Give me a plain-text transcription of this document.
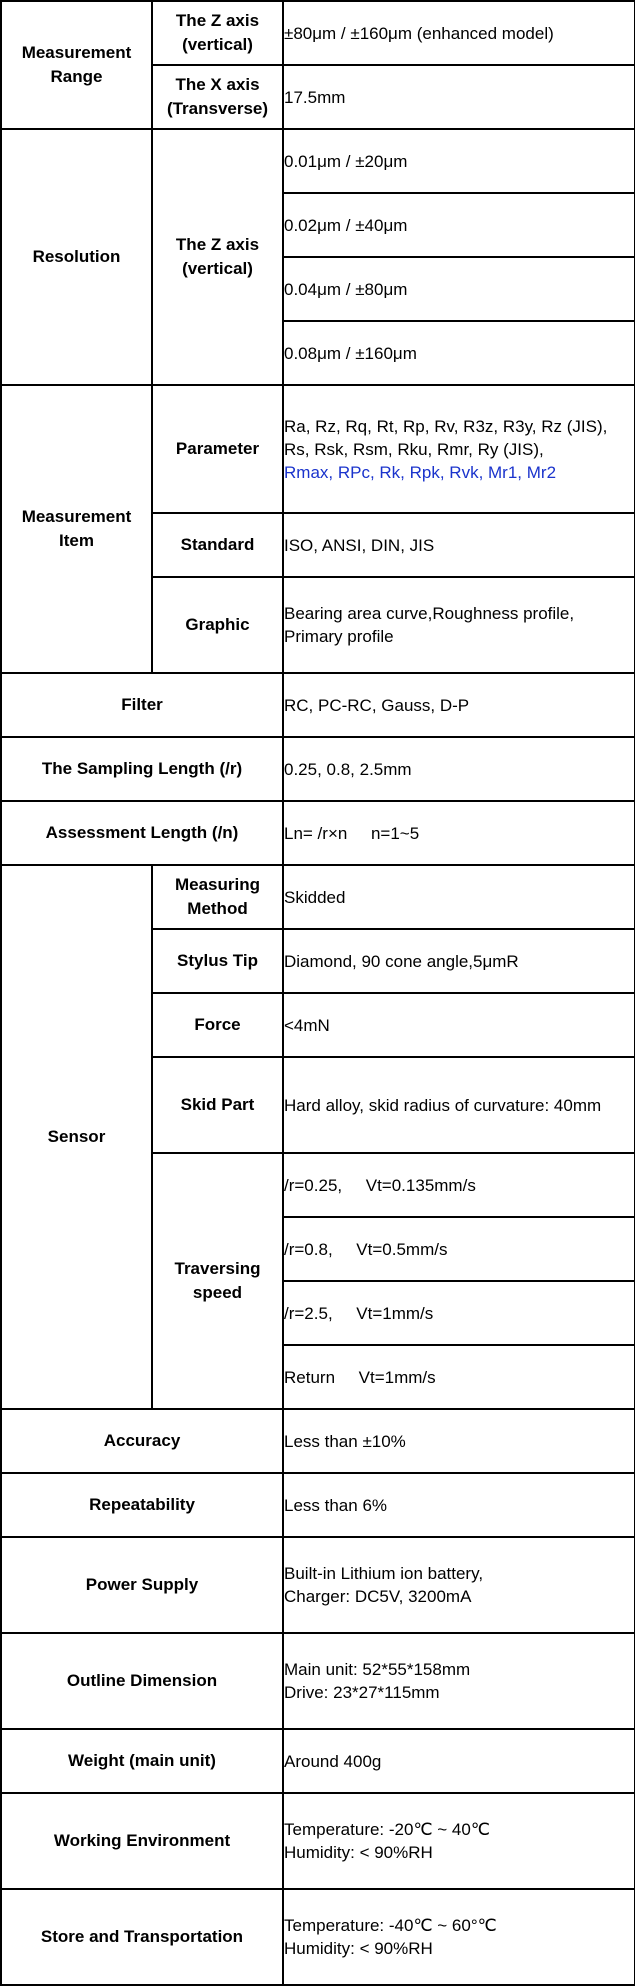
Measurement Range	The Z axis (vertical)	±80μm / ±160μm (enhanced model)
	The X axis (Transverse)	17.5mm
Resolution	The Z axis (vertical)	0.01μm / ±20μm
		0.02μm / ±40μm
		0.04μm / ±80μm
		0.08μm / ±160μm
Measurement Item	Parameter	Ra, Rz, Rq, Rt, Rp, Rv, R3z, R3y, Rz (JIS), Rs, Rsk, Rsm, Rku, Rmr, Ry (JIS),
Rmax, RPc, Rk, Rpk, Rvk, Mr1, Mr2
	Standard	ISO, ANSI, DIN, JIS
	Graphic	Bearing area curve,Roughness profile, Primary profile
Filter		RC, PC-RC, Gauss, D-P
The Sampling Length (/r)		0.25, 0.8, 2.5mm
Assessment Length (/n)		Ln= /r×n     n=1~5
Sensor	Measuring Method	Skidded
	Stylus Tip	Diamond, 90 cone angle,5μmR
	Force	<4mN
	Skid Part	Hard alloy, skid radius of curvature: 40mm
	Traversing speed	/r=0.25,     Vt=0.135mm/s
		/r=0.8,     Vt=0.5mm/s
		/r=2.5,     Vt=1mm/s
		Return     Vt=1mm/s
Accuracy		Less than ±10%
Repeatability		Less than 6%
Power Supply		Built-in Lithium ion battery,
Charger: DC5V, 3200mA
Outline Dimension		Main unit: 52*55*158mm
Drive: 23*27*115mm
Weight (main unit)		Around 400g
Working Environment		Temperature: -20℃ ~ 40℃
Humidity: < 90%RH
Store and Transportation		Temperature: -40℃ ~ 60°℃
Humidity: < 90%RH
